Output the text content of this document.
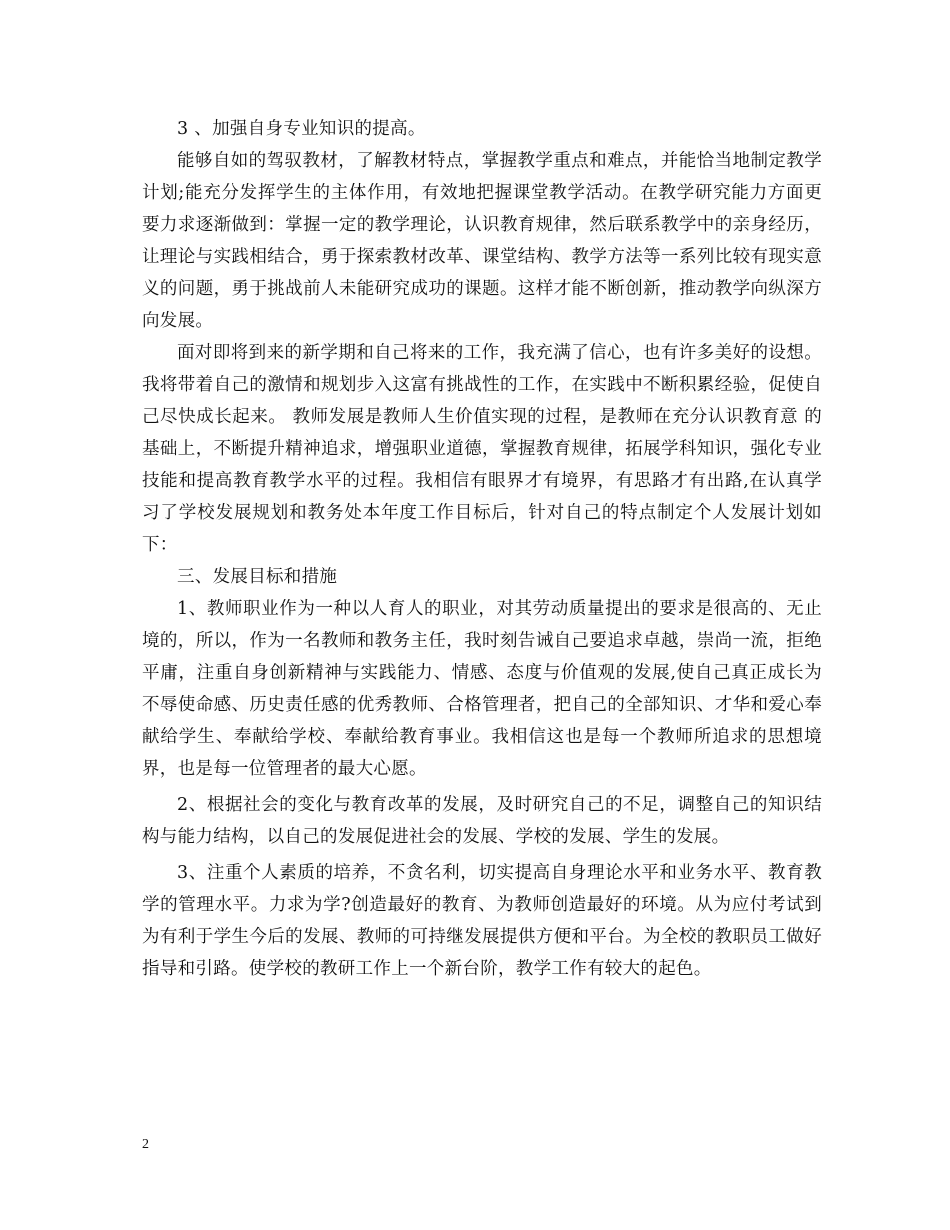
3 、加强自身专业知识的提高。

能够自如的驾驭教材，了解教材特点，掌握教学重点和难点，并能恰当地制定教学计划;能充分发挥学生的主体作用，有效地把握课堂教学活动。在教学研究能力方面更要力求逐渐做到：掌握一定的教学理论，认识教育规律，然后联系教学中的亲身经历，让理论与实践相结合，勇于探索教材改革、课堂结构、教学方法等一系列比较有现实意义的问题，勇于挑战前人未能研究成功的课题。这样才能不断创新，推动教学向纵深方向发展。

面对即将到来的新学期和自己将来的工作，我充满了信心，也有许多美好的设想。我将带着自己的激情和规划步入这富有挑战性的工作，在实践中不断积累经验，促使自己尽快成长起来。 教师发展是教师人生价值实现的过程，是教师在充分认识教育意 的基础上，不断提升精神追求，增强职业道德，掌握教育规律，拓展学科知识，强化专业技能和提高教育教学水平的过程。我相信有眼界才有境界，有思路才有出路,在认真学习了学校发展规划和教务处本年度工作目标后，针对自己的特点制定个人发展计划如下：

三、发展目标和措施

1、教师职业作为一种以人育人的职业，对其劳动质量提出的要求是很高的、无止境的，所以，作为一名教师和教务主任，我时刻告诫自己要追求卓越，崇尚一流，拒绝平庸，注重自身创新精神与实践能力、情感、态度与价值观的发展,使自己真正成长为不辱使命感、历史责任感的优秀教师、合格管理者，把自己的全部知识、才华和爱心奉献给学生、奉献给学校、奉献给教育事业。我相信这也是每一个教师所追求的思想境界，也是每一位管理者的最大心愿。

2、根据社会的变化与教育改革的发展，及时研究自己的不足，调整自己的知识结构与能力结构，以自己的发展促进社会的发展、学校的发展、学生的发展。

3、注重个人素质的培养，不贪名利，切实提高自身理论水平和业务水平、教育教学的管理水平。力求为学?创造最好的教育、为教师创造最好的环境。从为应付考试到为有利于学生今后的发展、教师的可持继发展提供方便和平台。为全校的教职员工做好指导和引路。使学校的教研工作上一个新台阶，教学工作有较大的起色。

2
